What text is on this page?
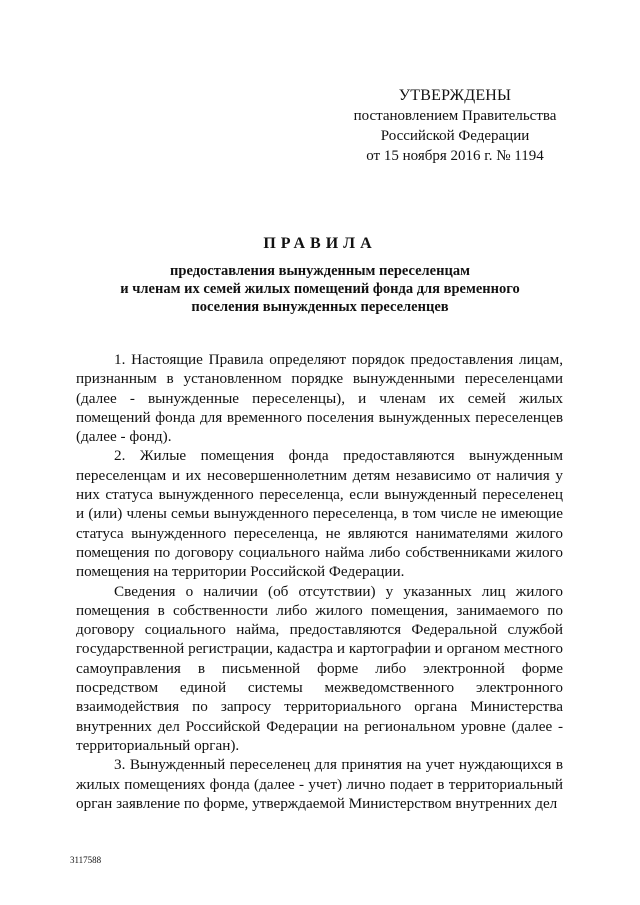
УТВЕРЖДЕНЫ
постановлением Правительства
Российской Федерации
от 15 ноября 2016 г. № 1194
ПРАВИЛА
предоставления вынужденным переселенцам
и членам их семей жилых помещений фонда для временного
поселения вынужденных переселенцев

1. Настоящие Правила определяют порядок предоставления лицам, признанным в установленном порядке вынужденными переселенцами (далее - вынужденные переселенцы), и членам их семей жилых помещений фонда для временного поселения вынужденных переселенцев (далее - фонд).

2. Жилые помещения фонда предоставляются вынужденным переселенцам и их несовершеннолетним детям независимо от наличия у них статуса вынужденного переселенца, если вынужденный переселенец и (или) члены семьи вынужденного переселенца, в том числе не имеющие статуса вынужденного переселенца, не являются нанимателями жилого помещения по договору социального найма либо собственниками жилого помещения на территории Российской Федерации.

Сведения о наличии (об отсутствии) у указанных лиц жилого помещения в собственности либо жилого помещения, занимаемого по договору социального найма, предоставляются Федеральной службой государственной регистрации, кадастра и картографии и органом местного самоуправления в письменной форме либо электронной форме посредством единой системы межведомственного электронного взаимодействия по запросу территориального органа Министерства внутренних дел Российской Федерации на региональном уровне (далее - территориальный орган).

3. Вынужденный переселенец для принятия на учет нуждающихся в жилых помещениях фонда (далее - учет) лично подает в территориальный орган заявление по форме, утверждаемой Министерством внутренних дел

3117588
